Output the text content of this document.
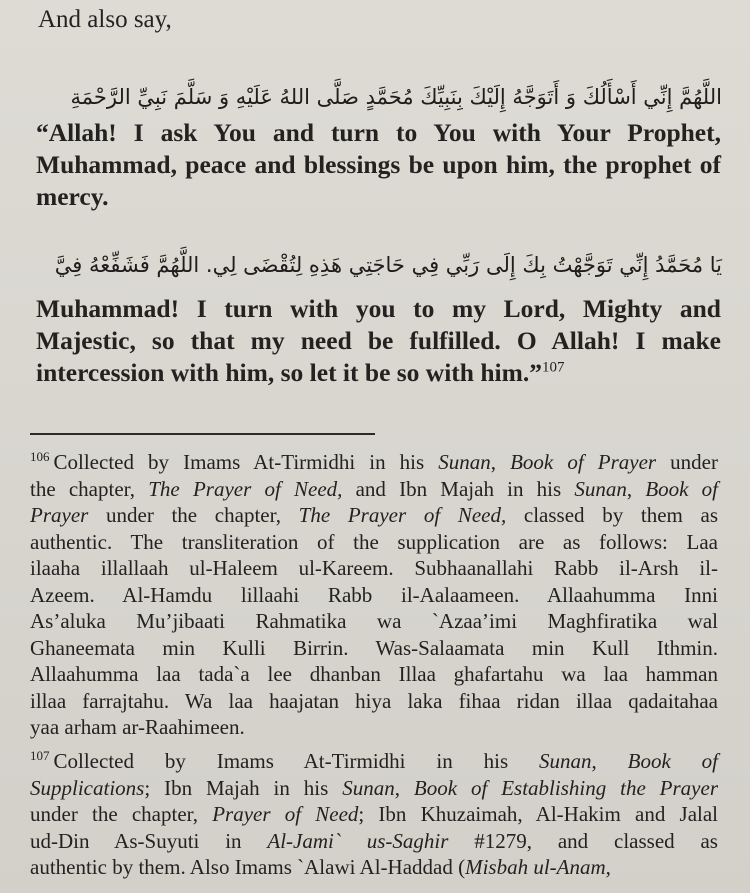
And also say,
اللَّهُمَّ إِنِّي أَسْأَلُكَ وَ أَتَوَجَّهُ إِلَيْكَ بِنَبِيِّكَ مُحَمَّدٍ صَلَّى اللهُ عَلَيْهِ وَ سَلَّمَ نَبِيِّ الرَّحْمَةِ
“Allah! I ask You and turn to You with Your Prophet, Muhammad, peace and blessings be upon him, the prophet of mercy.
يَا مُحَمَّدُ إِنِّي تَوَجَّهْتُ بِكَ إِلَى رَبِّي فِي حَاجَتِي هَذِهِ لِتُقْضَى لِي. اللَّهُمَّ فَشَفِّعْهُ فِيَّ
Muhammad! I turn with you to my Lord, Mighty and Majestic, so that my need be fulfilled. O Allah! I make intercession with him, so let it be so with him.”$^{107}$
$^{106}$ Collected by Imams At-Tirmidhi in his Sunan, Book of Prayer under
the chapter, The Prayer of Need, and Ibn Majah in his Sunan, Book of
Prayer under the chapter, The Prayer of Need, classed by them as
authentic. The transliteration of the supplication are as follows: Laa
ilaaha illallaah ul-Haleem ul-Kareem. Subhaanallahi Rabb il-Arsh il-
Azeem. Al-Hamdu lillaahi Rabb il-Aalaameen. Allaahumma Inni
As’aluka Mu’jibaati Rahmatika wa `Azaa’imi Maghfiratika wal
Ghaneemata min Kulli Birrin. Was-Salaamata min Kull Ithmin.
Allaahumma laa tada`a lee dhanban Illaa ghafartahu wa laa hamman
illaa farrajtahu. Wa laa haajatan hiya laka fihaa ridan illaa qadaitahaa
yaa arham ar-Raahimeen.
$^{107}$ Collected by Imams At-Tirmidhi in his Sunan, Book of
Supplications; Ibn Majah in his Sunan, Book of Establishing the Prayer
under the chapter, Prayer of Need; Ibn Khuzaimah, Al-Hakim and Jalal
ud-Din As-Suyuti in Al-Jami` us-Saghir #1279, and classed as
authentic by them. Also Imams `Alawi Al-Haddad (Misbah ul-Anam,
